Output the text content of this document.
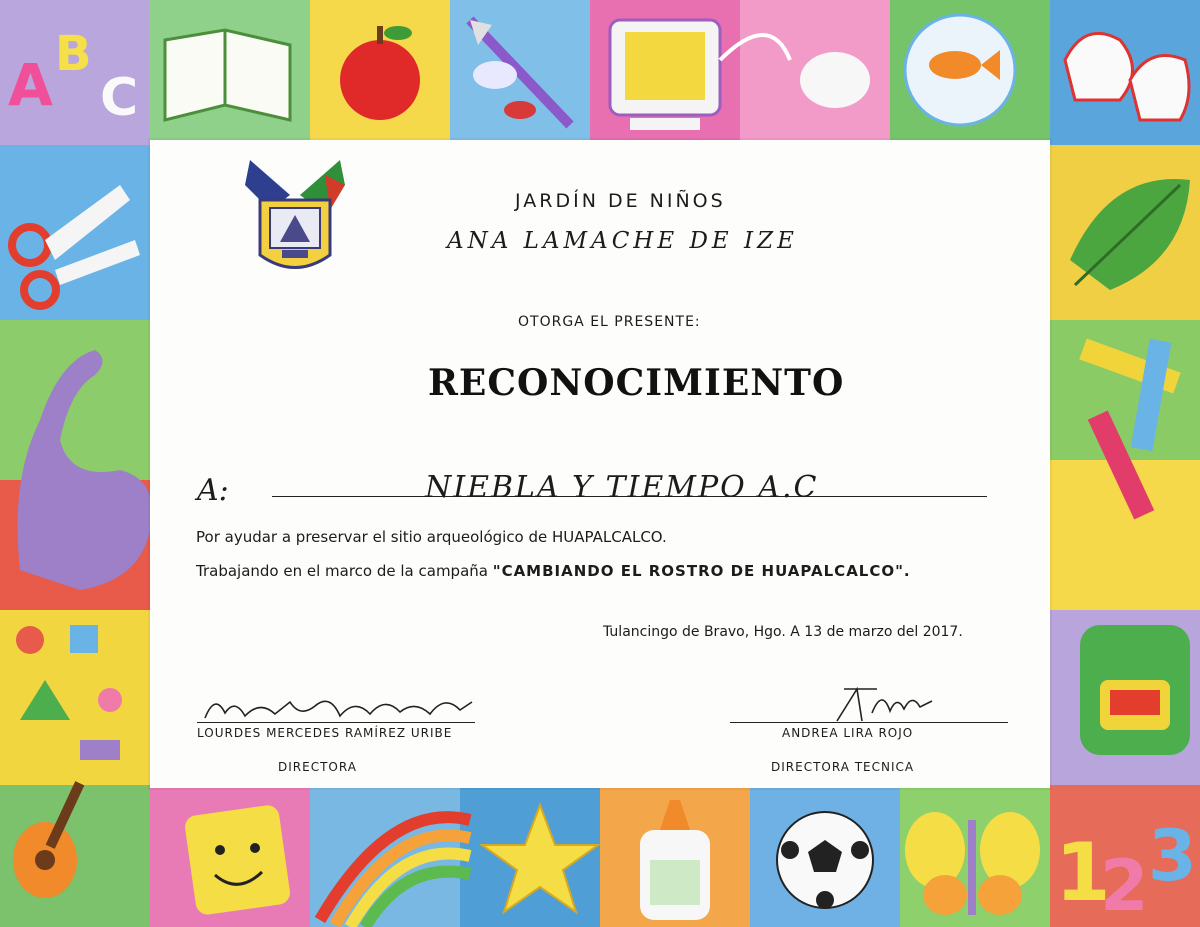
A B
C
1
2 3
JARDÍN DE NIÑOS
ANA LAMACHE DE IZE
OTORGA EL PRESENTE:
RECONOCIMIENTO
A:	NIEBLA Y TIEMPO A.C
Por ayudar a preservar el sitio arqueológico de HUAPALCALCO.
Trabajando en el marco de la campaña "CAMBIANDO EL ROSTRO DE HUAPALCALCO".
Tulancingo de Bravo, Hgo. A 13 de marzo del 2017.
LOURDES MERCEDES RAMÍREZ URIBE
DIRECTORA
ANDREA LIRA ROJO
DIRECTORA TECNICA
